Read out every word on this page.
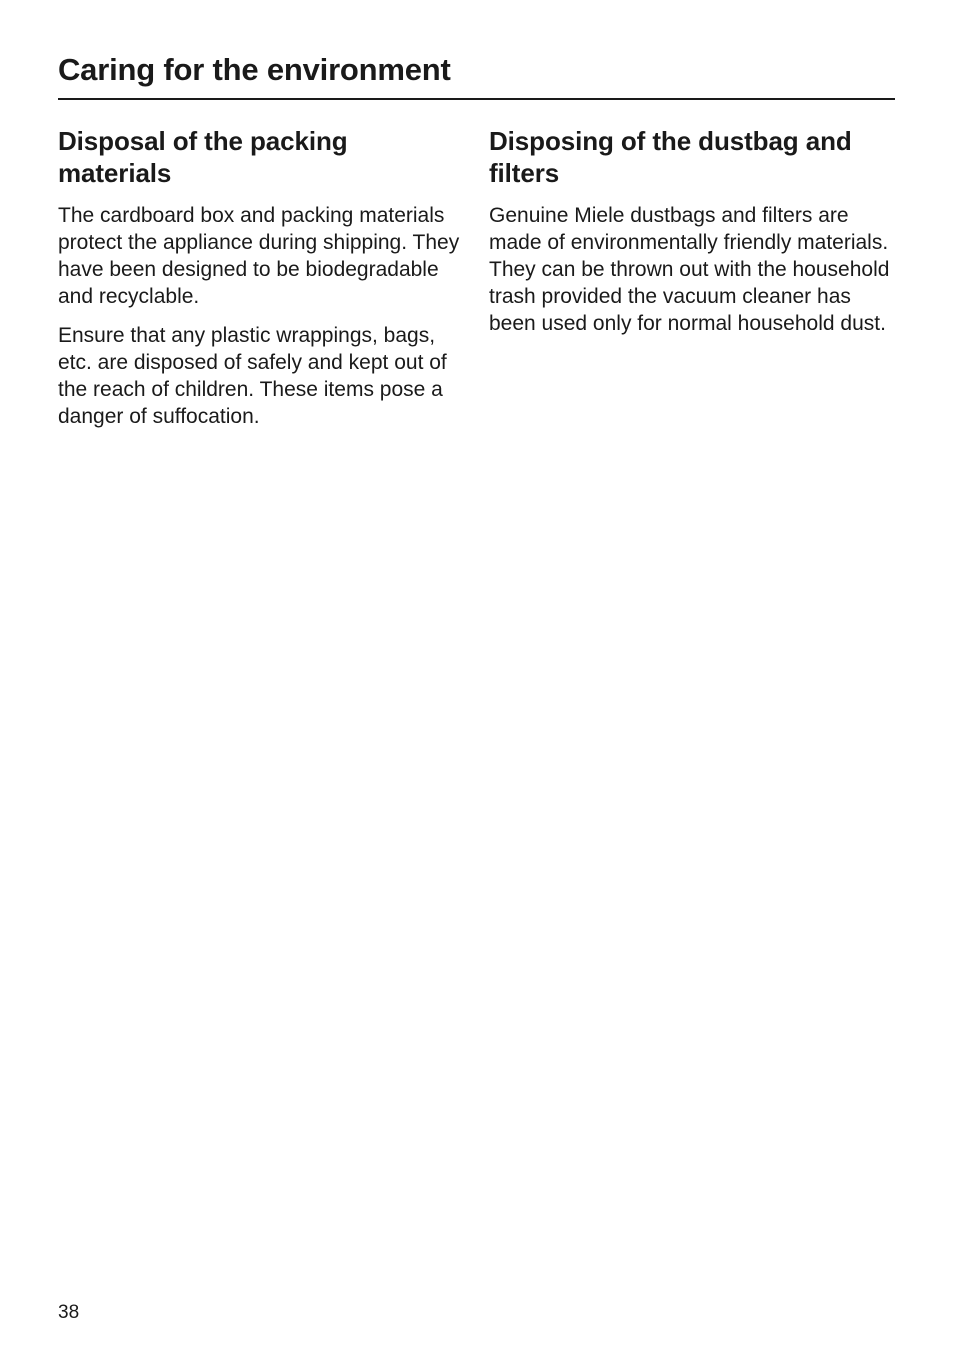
Caring for the environment
Disposal of the packing materials

The cardboard box and packing materials protect the appliance during shipping. They have been designed to be biodegradable and recyclable.

Ensure that any plastic wrappings, bags, etc. are disposed of safely and kept out of the reach of children. These items pose a danger of suffocation.

Disposing of the dustbag and filters

Genuine Miele dustbags and filters are made of environmentally friendly materials. They can be thrown out with the household trash provided the vacuum cleaner has been used only for normal household dust.

38
